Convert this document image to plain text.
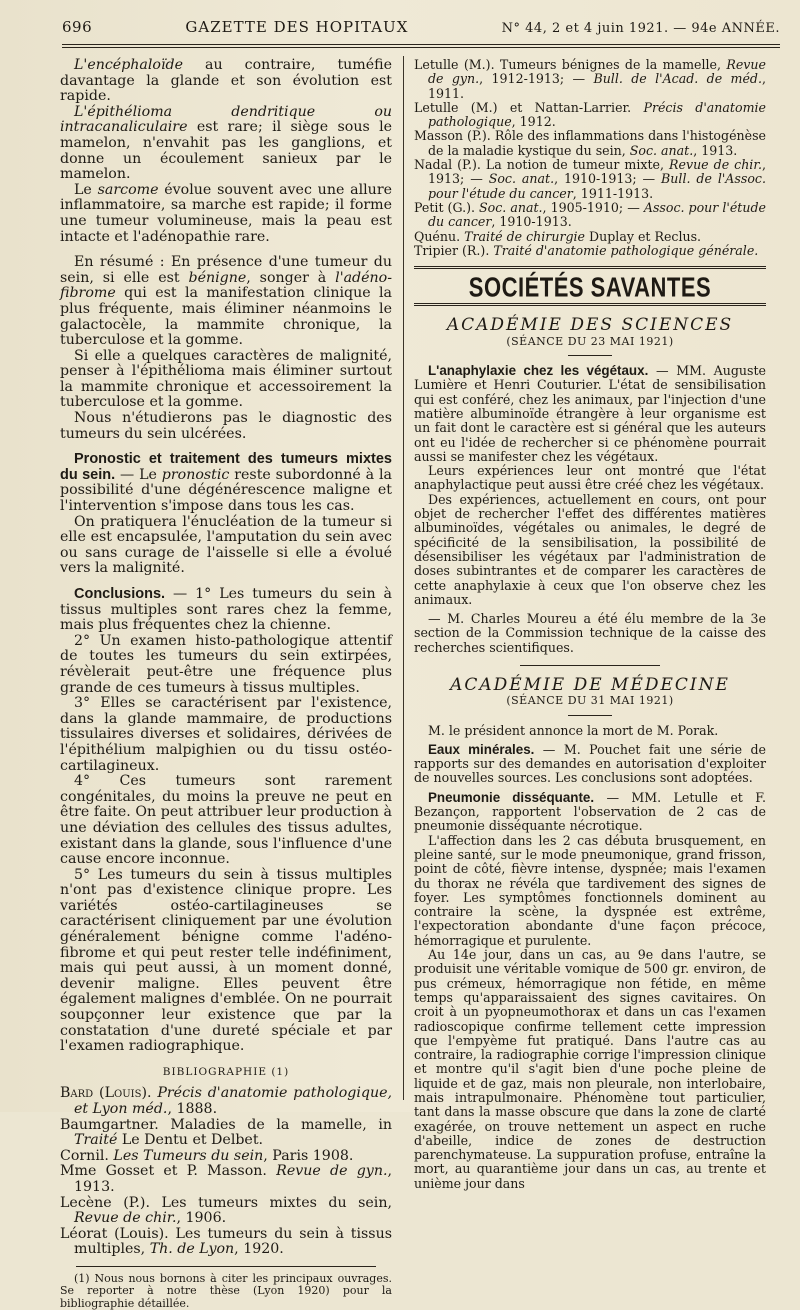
696	GAZETTE DES HOPITAUX	N° 44, 2 et 4 juin 1921. — 94e ANNÉE.

L'encéphaloïde au contraire, tuméfie davantage la glande et son évolution est rapide.

L'épithélioma dendritique ou intracanaliculaire est rare; il siège sous le mamelon, n'envahit pas les ganglions, et donne un écoulement sanieux par le mamelon.

Le sarcome évolue souvent avec une allure inflammatoire, sa marche est rapide; il forme une tumeur volumineuse, mais la peau est intacte et l'adénopathie rare.

En résumé : En présence d'une tumeur du sein, si elle est bénigne, songer à l'adéno-fibrome qui est la manifestation clinique la plus fréquente, mais éliminer néanmoins le galactocèle, la mammite chronique, la tuberculose et la gomme.

Si elle a quelques caractères de malignité, penser à l'épithélioma mais éliminer surtout la mammite chronique et accessoirement la tuberculose et la gomme.

Nous n'étudierons pas le diagnostic des tumeurs du sein ulcérées.

Pronostic et traitement des tumeurs mixtes du sein. — Le pronostic reste subordonné à la possibilité d'une dégénérescence maligne et l'intervention s'impose dans tous les cas.

On pratiquera l'énucléation de la tumeur si elle est encapsulée, l'amputation du sein avec ou sans curage de l'aisselle si elle a évolué vers la malignité.

Conclusions. — 1° Les tumeurs du sein à tissus multiples sont rares chez la femme, mais plus fréquentes chez la chienne.

2° Un examen histo-pathologique attentif de toutes les tumeurs du sein extirpées, révèlerait peut-être une fréquence plus grande de ces tumeurs à tissus multiples.

3° Elles se caractérisent par l'existence, dans la glande mammaire, de productions tissulaires diverses et solidaires, dérivées de l'épithélium malpighien ou du tissu ostéo-cartilagineux.

4° Ces tumeurs sont rarement congénitales, du moins la preuve ne peut en être faite. On peut attribuer leur production à une déviation des cellules des tissus adultes, existant dans la glande, sous l'influence d'une cause encore inconnue.

5° Les tumeurs du sein à tissus multiples n'ont pas d'existence clinique propre. Les variétés ostéo-cartilagineuses se caractérisent cliniquement par une évolution généralement bénigne comme l'adéno-fibrome et qui peut rester telle indéfiniment, mais qui peut aussi, à un moment donné, devenir maligne. Elles peuvent être également malignes d'emblée. On ne pourrait soupçonner leur existence que par la constatation d'une dureté spéciale et par l'examen radiographique.

BIBLIOGRAPHIE (1)

Bard (Louis). Précis d'anatomie pathologique, et Lyon méd., 1888.

Baumgartner. Maladies de la mamelle, in Traité Le Dentu et Delbet.

Cornil. Les Tumeurs du sein, Paris 1908.

Mme Gosset et P. Masson. Revue de gyn., 1913.

Lecène (P.). Les tumeurs mixtes du sein, Revue de chir., 1906.

Léorat (Louis). Les tumeurs du sein à tissus multiples, Th. de Lyon, 1920.

(1) Nous nous bornons à citer les principaux ouvrages. Se reporter à notre thèse (Lyon 1920) pour la bibliographie détaillée.

Letulle (M.). Tumeurs bénignes de la mamelle, Revue de gyn., 1912-1913; — Bull. de l'Acad. de méd., 1911.

Letulle (M.) et Nattan-Larrier. Précis d'anatomie pathologique, 1912.

Masson (P.). Rôle des inflammations dans l'histogénèse de la maladie kystique du sein, Soc. anat., 1913.

Nadal (P.). La notion de tumeur mixte, Revue de chir., 1913; — Soc. anat., 1910-1913; — Bull. de l'Assoc. pour l'étude du cancer, 1911-1913.

Petit (G.). Soc. anat., 1905-1910; — Assoc. pour l'étude du cancer, 1910-1913.

Quénu. Traité de chirurgie Duplay et Reclus.

Tripier (R.). Traité d'anatomie pathologique générale.

SOCIÉTÉS SAVANTES

ACADÉMIE DES SCIENCES

(SÉANCE DU 23 MAI 1921)

L'anaphylaxie chez les végétaux. — MM. Auguste Lumière et Henri Couturier. L'état de sensibilisation qui est conféré, chez les animaux, par l'injection d'une matière albuminoïde étrangère à leur organisme est un fait dont le caractère est si général que les auteurs ont eu l'idée de rechercher si ce phénomène pourrait aussi se manifester chez les végétaux.

Leurs expériences leur ont montré que l'état anaphylactique peut aussi être créé chez les végétaux.

Des expériences, actuellement en cours, ont pour objet de rechercher l'effet des différentes matières albuminoïdes, végétales ou animales, le degré de spécificité de la sensibilisation, la possibilité de désensibiliser les végétaux par l'administration de doses subintrantes et de comparer les caractères de cette anaphylaxie à ceux que l'on observe chez les animaux.

— M. Charles Moureu a été élu membre de la 3e section de la Commission technique de la caisse des recherches scientifiques.

ACADÉMIE DE MÉDECINE

(SÉANCE DU 31 MAI 1921)

M. le président annonce la mort de M. Porak.

Eaux minérales. — M. Pouchet fait une série de rapports sur des demandes en autorisation d'exploiter de nouvelles sources. Les conclusions sont adoptées.

Pneumonie disséquante. — MM. Letulle et F. Bezançon, rapportent l'observation de 2 cas de pneumonie disséquante nécrotique.

L'affection dans les 2 cas débuta brusquement, en pleine santé, sur le mode pneumonique, grand frisson, point de côté, fièvre intense, dyspnée; mais l'examen du thorax ne révéla que tardivement des signes de foyer. Les symptômes fonctionnels dominent au contraire la scène, la dyspnée est extrême, l'expectoration abondante d'une façon précoce, hémorragique et purulente.

Au 14e jour, dans un cas, au 9e dans l'autre, se produisit une véritable vomique de 500 gr. environ, de pus crémeux, hémorragique non fétide, en même temps qu'apparaissaient des signes cavitaires. On croit à un pyopneumothorax et dans un cas l'examen radioscopique confirme tellement cette impression que l'empyème fut pratiqué. Dans l'autre cas au contraire, la radiographie corrige l'impression clinique et montre qu'il s'agit bien d'une poche pleine de liquide et de gaz, mais non pleurale, non interlobaire, mais intrapulmonaire. Phénomène tout particulier, tant dans la masse obscure que dans la zone de clarté exagérée, on trouve nettement un aspect en ruche d'abeille, indice de zones de destruction parenchymateuse. La suppuration profuse, entraîne la mort, au quarantième jour dans un cas, au trente et unième jour dans
